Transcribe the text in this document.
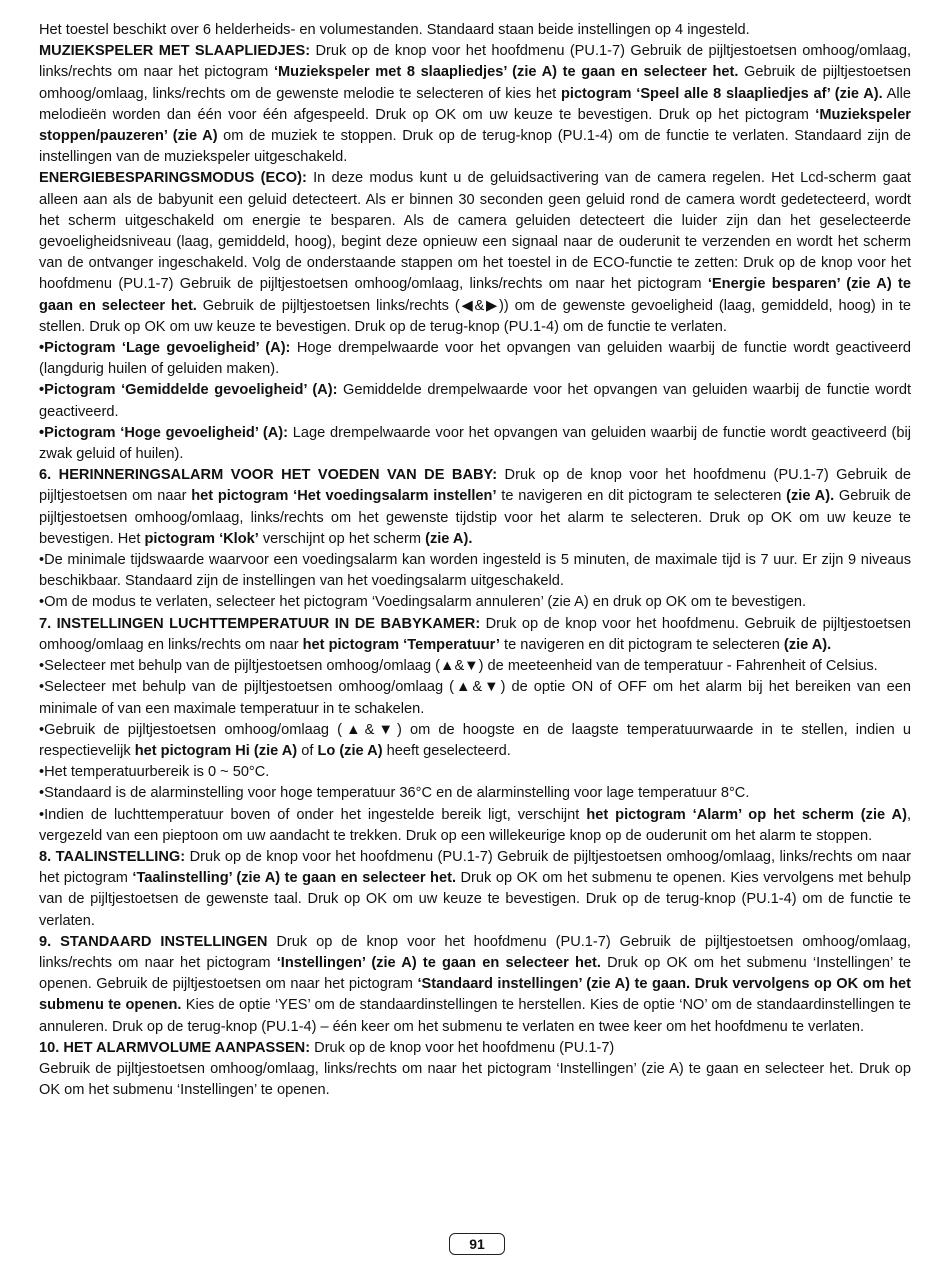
Het toestel beschikt over 6 helderheids- en volumestanden. Standaard staan beide instellingen op 4 ingesteld.

MUZIEKSPELER MET SLAAPLIEDJES: Druk op de knop voor het hoofdmenu (PU.1-7) Gebruik de pijltjestoetsen omhoog/omlaag, links/rechts om naar het pictogram ‘Muziekspeler met 8 slaapliedjes’ (zie A) te gaan en selecteer het. Gebruik de pijltjestoetsen omhoog/omlaag, links/rechts om de gewenste melodie te selecteren of kies het pictogram ‘Speel alle 8 slaapliedjes af’ (zie A). Alle melodieën worden dan één voor één afgespeeld. Druk op OK om uw keuze te bevestigen. Druk op het pictogram ‘Muziekspeler stoppen/pauzeren’ (zie A) om de muziek te stoppen. Druk op de terug-knop (PU.1-4) om de functie te verlaten. Standaard zijn de instellingen van de muziekspeler uitgeschakeld.

ENERGIEBESPARINGSMODUS (ECO): In deze modus kunt u de geluidsactivering van de camera regelen. Het Lcd-scherm gaat alleen aan als de babyunit een geluid detecteert. Als er binnen 30 seconden geen geluid rond de camera wordt gedetecteerd, wordt het scherm uitgeschakeld om energie te besparen. Als de camera geluiden detecteert die luider zijn dan het geselecteerde gevoeligheidsniveau (laag, gemiddeld, hoog), begint deze opnieuw een signaal naar de ouderunit te verzenden en wordt het scherm van de ontvanger ingeschakeld. Volg de onderstaande stappen om het toestel in de ECO-functie te zetten: Druk op de knop voor het hoofdmenu (PU.1-7) Gebruik de pijltjestoetsen omhoog/omlaag, links/rechts om naar het pictogram ‘Energie besparen’ (zie A) te gaan en selecteer het. Gebruik de pijltjestoetsen links/rechts (◀&▶)) om de gewenste gevoeligheid (laag, gemiddeld, hoog) in te stellen. Druk op OK om uw keuze te bevestigen. Druk op de terug-knop (PU.1-4) om de functie te verlaten.

•Pictogram ‘Lage gevoeligheid’ (A): Hoge drempelwaarde voor het opvangen van geluiden waarbij de functie wordt geactiveerd (langdurig huilen of geluiden maken).

•Pictogram ‘Gemiddelde gevoeligheid’ (A): Gemiddelde drempelwaarde voor het opvangen van geluiden waarbij de functie wordt geactiveerd.

•Pictogram ‘Hoge gevoeligheid’ (A): Lage drempelwaarde voor het opvangen van geluiden waarbij de functie wordt geactiveerd (bij zwak geluid of huilen).

6. HERINNERINGSALARM VOOR HET VOEDEN VAN DE BABY: Druk op de knop voor het hoofdmenu (PU.1-7) Gebruik de pijltjestoetsen om naar het pictogram ‘Het voedingsalarm instellen’ te navigeren en dit pictogram te selecteren (zie A). Gebruik de pijltjestoetsen omhoog/omlaag, links/rechts om het gewenste tijdstip voor het alarm te selecteren. Druk op OK om uw keuze te bevestigen. Het pictogram ‘Klok’ verschijnt op het scherm (zie A).

•De minimale tijdswaarde waarvoor een voedingsalarm kan worden ingesteld is 5 minuten, de maximale tijd is 7 uur. Er zijn 9 niveaus beschikbaar. Standaard zijn de instellingen van het voedingsalarm uitgeschakeld.

•Om de modus te verlaten, selecteer het pictogram ‘Voedingsalarm annuleren’ (zie A) en druk op OK om te bevestigen.

7. INSTELLINGEN LUCHTTEMPERATUUR IN DE BABYKAMER: Druk op de knop voor het hoofdmenu. Gebruik de pijltjestoetsen omhoog/omlaag en links/rechts om naar het pictogram ‘Temperatuur’ te navigeren en dit pictogram te selecteren (zie A).

•Selecteer met behulp van de pijltjestoetsen omhoog/omlaag (▲&▼) de meeteenheid van de temperatuur - Fahrenheit of Celsius.

•Selecteer met behulp van de pijltjestoetsen omhoog/omlaag (▲&▼) de optie ON of OFF om het alarm bij het bereiken van een minimale of van een maximale temperatuur in te schakelen.

•Gebruik de pijltjestoetsen omhoog/omlaag (▲&▼) om de hoogste en de laagste temperatuurwaarde in te stellen, indien u respectievelijk het pictogram Hi (zie A) of Lo (zie A) heeft geselecteerd.

•Het temperatuurbereik is 0 ~ 50°C.

•Standaard is de alarminstelling voor hoge temperatuur 36°C en de alarminstelling voor lage temperatuur 8°C.

•Indien de luchttemperatuur boven of onder het ingestelde bereik ligt, verschijnt het pictogram ‘Alarm’ op het scherm (zie A), vergezeld van een pieptoon om uw aandacht te trekken. Druk op een willekeurige knop op de ouderunit om het alarm te stoppen.

8. TAALINSTELLING: Druk op de knop voor het hoofdmenu (PU.1-7) Gebruik de pijltjestoetsen omhoog/omlaag, links/rechts om naar het pictogram ‘Taalinstelling’ (zie A) te gaan en selecteer het. Druk op OK om het submenu te openen. Kies vervolgens met behulp van de pijltjestoetsen de gewenste taal. Druk op OK om uw keuze te bevestigen. Druk op de terug-knop (PU.1-4) om de functie te verlaten.

9. STANDAARD INSTELLINGEN Druk op de knop voor het hoofdmenu (PU.1-7) Gebruik de pijltjestoetsen omhoog/omlaag, links/rechts om naar het pictogram ‘Instellingen’ (zie A) te gaan en selecteer het. Druk op OK om het submenu ‘Instellingen’ te openen. Gebruik de pijltjestoetsen om naar het pictogram ‘Standaard instellingen’ (zie A) te gaan. Druk vervolgens op OK om het submenu te openen. Kies de optie ‘YES’ om de standaardinstellingen te herstellen. Kies de optie ‘NO’ om de standaardinstellingen te annuleren. Druk op de terug-knop (PU.1-4) – één keer om het submenu te verlaten en twee keer om het hoofdmenu te verlaten.

10. HET ALARMVOLUME AANPASSEN: Druk op de knop voor het hoofdmenu (PU.1-7)

Gebruik de pijltjestoetsen omhoog/omlaag, links/rechts om naar het pictogram ‘Instellingen’ (zie A) te gaan en selecteer het. Druk op OK om het submenu ‘Instellingen’ te openen.

91
